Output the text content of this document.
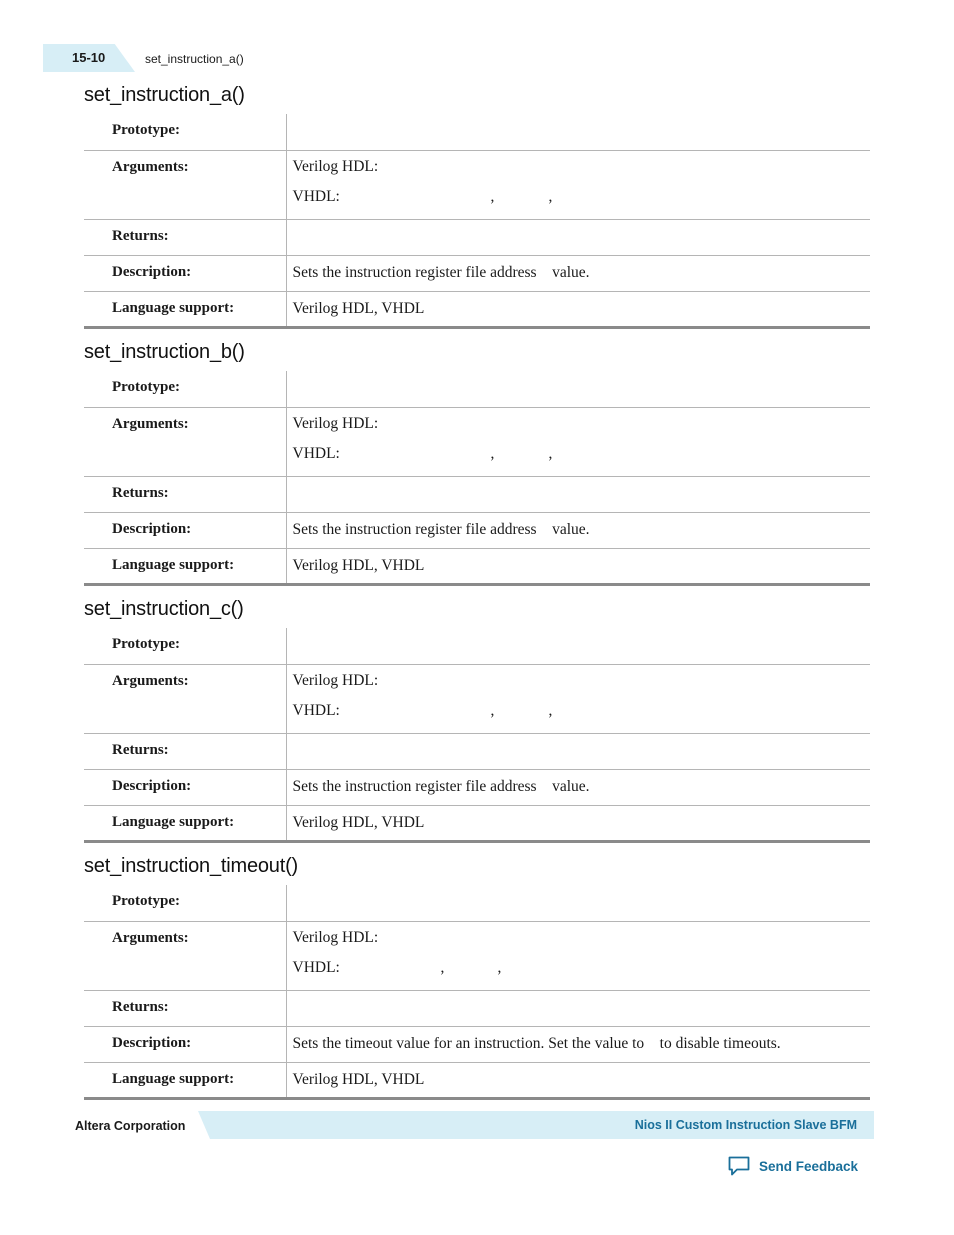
15-10	set_instruction_a()
set_instruction_a()
Prototype:	
Arguments:	Verilog HDL:
VHDL: , ,

Returns:	
Description:	Sets the instruction register file address    value.
Language support:	Verilog HDL, VHDL
set_instruction_b()
Prototype:	
Arguments:	Verilog HDL:
VHDL: , ,

Returns:	
Description:	Sets the instruction register file address    value.
Language support:	Verilog HDL, VHDL
set_instruction_c()
Prototype:	
Arguments:	Verilog HDL:
VHDL: , ,

Returns:	
Description:	Sets the instruction register file address    value.
Language support:	Verilog HDL, VHDL
set_instruction_timeout()
Prototype:	
Arguments:	Verilog HDL:
VHDL: , ,

Returns:	
Description:	Sets the timeout value for an instruction. Set the value to    to disable timeouts.
Language support:	Verilog HDL, VHDL
Altera Corporation	Nios II Custom Instruction Slave BFM
Send Feedback
